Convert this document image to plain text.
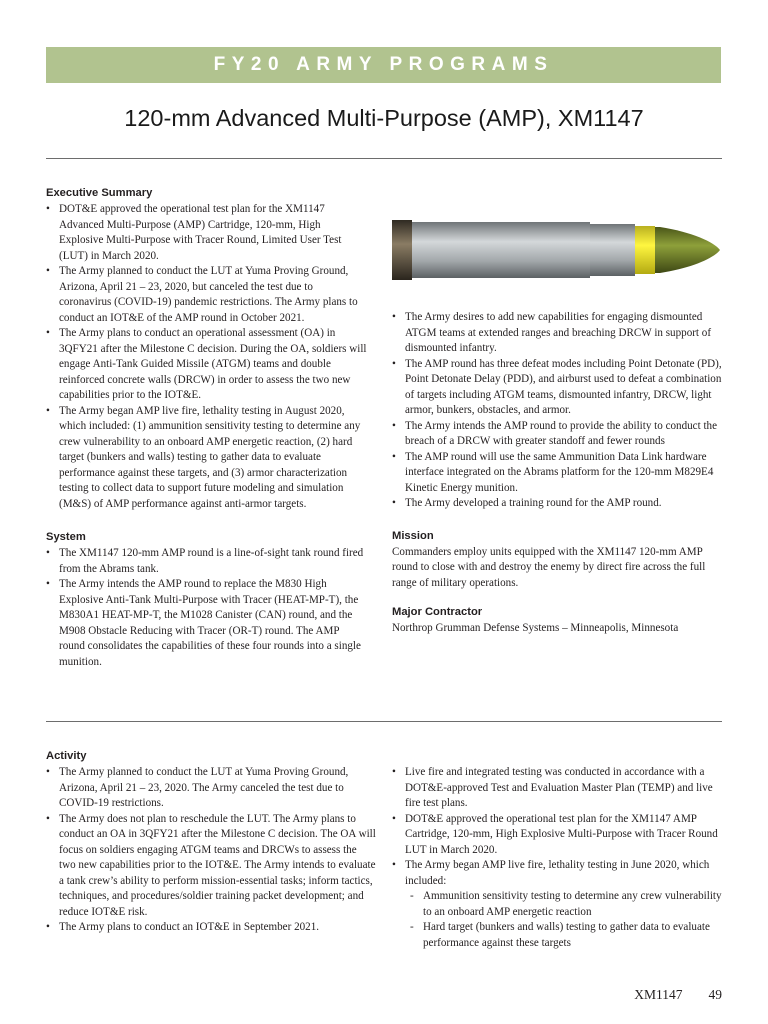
FY20 ARMY PROGRAMS
120-mm Advanced Multi-Purpose (AMP), XM1147
Executive Summary
• DOT&E approved the operational test plan for the XM1147 Advanced Multi-Purpose (AMP) Cartridge, 120-mm, High Explosive Multi-Purpose with Tracer Round, Limited User Test (LUT) in March 2020.
• The Army planned to conduct the LUT at Yuma Proving Ground, Arizona, April 21 – 23, 2020, but canceled the test due to coronavirus (COVID-19) pandemic restrictions. The Army plans to conduct an IOT&E of the AMP round in October 2021.
• The Army plans to conduct an operational assessment (OA) in 3QFY21 after the Milestone C decision. During the OA, soldiers will engage Anti-Tank Guided Missile (ATGM) teams and double reinforced concrete walls (DRCW) in order to assess the two new capabilities prior to the IOT&E.
• The Army began AMP live fire, lethality testing in August 2020, which included: (1) ammunition sensitivity testing to determine any crew vulnerability to an onboard AMP energetic reaction, (2) hard target (bunkers and walls) testing to gather data to evaluate performance against these targets, and (3) armor characterization testing to collect data to support future modeling and simulation (M&S) of AMP performance against anti-armor targets.
System
• The XM1147 120-mm AMP round is a line-of-sight tank round fired from the Abrams tank.
• The Army intends the AMP round to replace the M830 High Explosive Anti-Tank Multi-Purpose with Tracer (HEAT-MP-T), the M830A1 HEAT-MP-T, the M1028 Canister (CAN) round, and the M908 Obstacle Reducing with Tracer (OR-T) round. The AMP round consolidates the capabilities of these four rounds into a single munition.
• The Army desires to add new capabilities for engaging dismounted ATGM teams at extended ranges and breaching DRCW in support of dismounted infantry.
• The AMP round has three defeat modes including Point Detonate (PD), Point Detonate Delay (PDD), and airburst used to defeat a combination of targets including ATGM teams, dismounted infantry, DRCW, light armor, bunkers, obstacles, and armor.
• The Army intends the AMP round to provide the ability to conduct the breach of a DRCW with greater standoff and fewer rounds
• The AMP round will use the same Ammunition Data Link hardware interface integrated on the Abrams platform for the 120-mm M829E4 Kinetic Energy munition.
• The Army developed a training round for the AMP round.
Mission

Commanders employ units equipped with the XM1147 120-mm AMP round to close with and destroy the enemy by direct fire across the full range of military operations.

Major Contractor

Northrop Grumman Defense Systems – Minneapolis, Minnesota

Activity
• The Army planned to conduct the LUT at Yuma Proving Ground, Arizona, April 21 – 23, 2020. The Army canceled the test due to COVID-19 restrictions.
• The Army does not plan to reschedule the LUT. The Army plans to conduct an OA in 3QFY21 after the Milestone C decision. The OA will focus on soldiers engaging ATGM teams and DRCWs to assess the two new capabilities prior to the IOT&E. The Army intends to evaluate a tank crew’s ability to perform mission-essential tasks; inform tactics, techniques, and procedures/soldier training packet development; and reduce IOT&E risk.
• The Army plans to conduct an IOT&E in September 2021.
• Live fire and integrated testing was conducted in accordance with a DOT&E-approved Test and Evaluation Master Plan (TEMP) and live fire test plans.
• DOT&E approved the operational test plan for the XM1147 AMP Cartridge, 120-mm, High Explosive Multi-Purpose with Tracer Round LUT in March 2020.
• The Army began AMP live fire, lethality testing in June 2020, which included:
- Ammunition sensitivity testing to determine any crew vulnerability to an onboard AMP energetic reaction
- Hard target (bunkers and walls) testing to gather data to evaluate performance against these targets
XM1147 49
